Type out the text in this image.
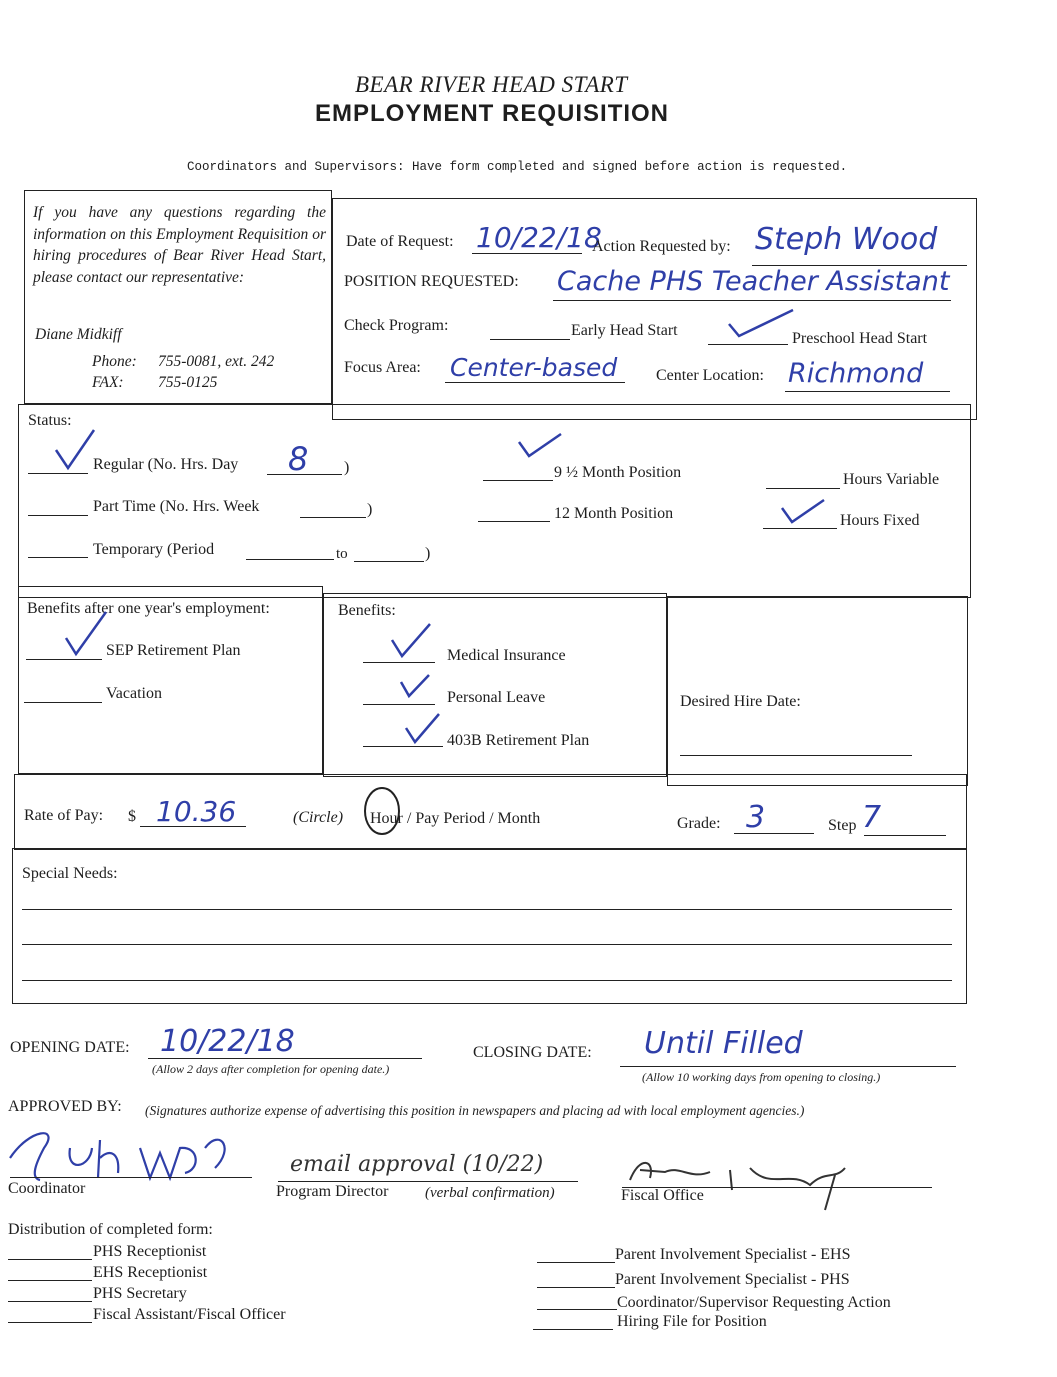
BEAR RIVER HEAD START
EMPLOYMENT REQUISITION
Coordinators and Supervisors: Have form completed and signed before action is requested.
If you have any questions regarding the information on this Employment Requisition or hiring procedures of Bear River Head Start, please contact our representative:
Diane Midkiff
Phone: 755-0081, ext. 242
FAX: 755-0125
Date of Request: 10/22/18
Action Requested by: Steph Wood
POSITION REQUESTED: Cache PHS Teacher Assistant
Check Program:	Early Head Start	Preschool Head Start
Focus Area: Center-based Center Location: Richmond
Status:
Regular (No. Hrs. Day 8 )
Part Time (No. Hrs. Week	)
Temporary (Period	to	)
9 ½ Month Position
12 Month Position
Hours Variable
Hours Fixed
Benefits after one year's employment:
SEP Retirement Plan
Vacation
Benefits:
Medical Insurance
Personal Leave
403B Retirement Plan
Desired Hire Date:
Rate of Pay: $ 10.36	(Circle) Hour / Pay Period / Month	Grade: 3	Step 7
Special Needs:
OPENING DATE: 10/22/18
(Allow 2 days after completion for opening date.)
CLOSING DATE: Until Filled
(Allow 10 working days from opening to closing.)
APPROVED BY: (Signatures authorize expense of advertising this position in newspapers and placing ad with local employment agencies.)
Coordinator
email approval (10/22)
Program Director (verbal confirmation)	Fiscal Office
Distribution of completed form:
PHS Receptionist
EHS Receptionist
PHS Secretary
Fiscal Assistant/Fiscal Officer
Parent Involvement Specialist - EHS
Parent Involvement Specialist - PHS
Coordinator/Supervisor Requesting Action
Hiring File for Position
